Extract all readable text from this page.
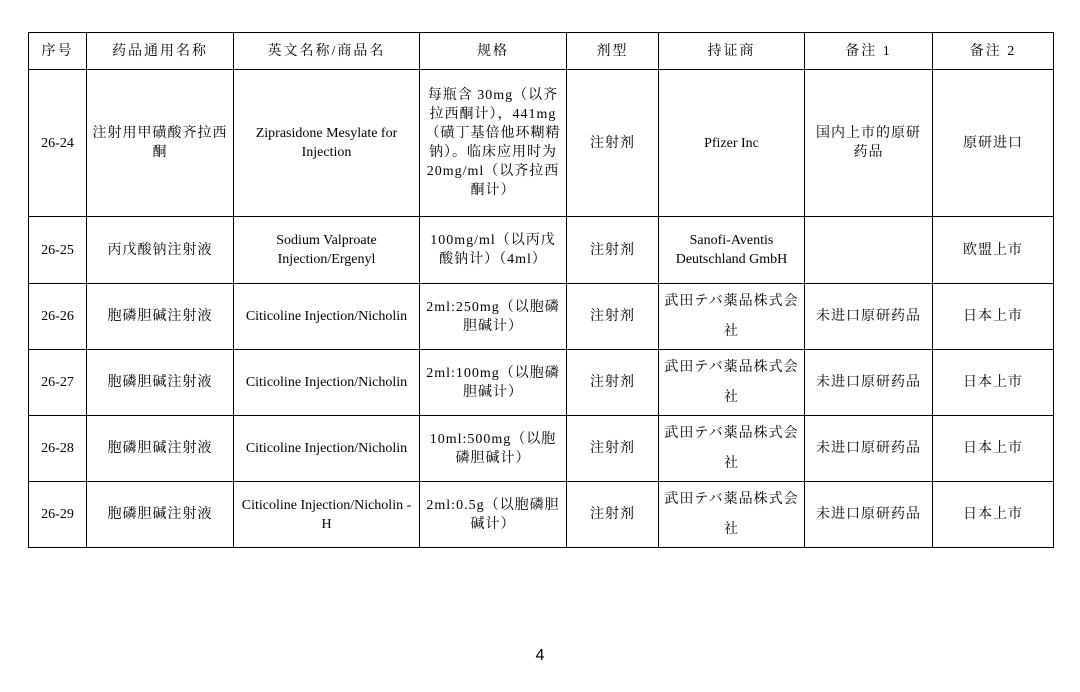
序号	药品通用名称	英文名称/商品名	规格	剂型	持证商	备注 1	备注 2
26-24	注射用甲磺酸齐拉西酮	Ziprasidone Mesylate for Injection	每瓶含 30mg（以齐拉西酮计），441mg（磺丁基倍他环糊精钠）。临床应用时为 20mg/ml（以齐拉西酮计）	注射剂	Pfizer Inc	国内上市的原研药品	原研进口
26-25	丙戊酸钠注射液	Sodium Valproate Injection/Ergenyl	100mg/ml（以丙戊酸钠计）（4ml）	注射剂	Sanofi-Aventis Deutschland GmbH		欧盟上市
26-26	胞磷胆碱注射液	Citicoline Injection/Nicholin	2ml:250mg（以胞磷胆碱计）	注射剂	武田テバ薬品株式会社	未进口原研药品	日本上市
26-27	胞磷胆碱注射液	Citicoline Injection/Nicholin	2ml:100mg（以胞磷胆碱计）	注射剂	武田テバ薬品株式会社	未进口原研药品	日本上市
26-28	胞磷胆碱注射液	Citicoline Injection/Nicholin	10ml:500mg（以胞磷胆碱计）	注射剂	武田テバ薬品株式会社	未进口原研药品	日本上市
26-29	胞磷胆碱注射液	Citicoline Injection/Nicholin -H	2ml:0.5g（以胞磷胆碱计）	注射剂	武田テバ薬品株式会社	未进口原研药品	日本上市
4
